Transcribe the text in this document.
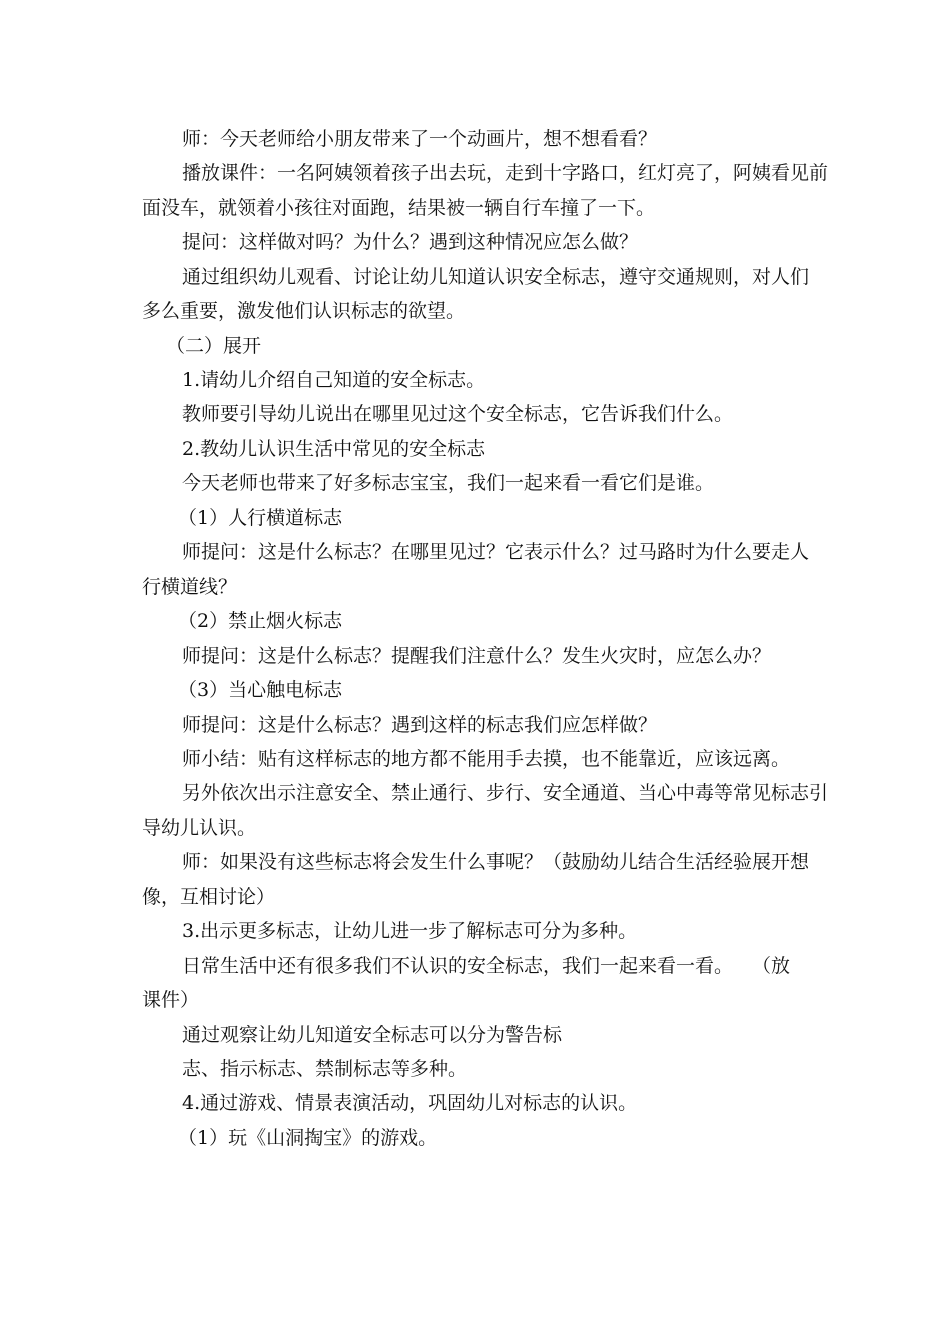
师：今天老师给小朋友带来了一个动画片，想不想看看？
播放课件：一名阿姨领着孩子出去玩，走到十字路口，红灯亮了，阿姨看见前
面没车，就领着小孩往对面跑，结果被一辆自行车撞了一下。
提问：这样做对吗？为什么？遇到这种情况应怎么做？
通过组织幼儿观看、讨论让幼儿知道认识安全标志，遵守交通规则，对人们
多么重要，激发他们认识标志的欲望。
（二）展开
1.请幼儿介绍自己知道的安全标志。
教师要引导幼儿说出在哪里见过这个安全标志，它告诉我们什么。
2.教幼儿认识生活中常见的安全标志
今天老师也带来了好多标志宝宝，我们一起来看一看它们是谁。
（1）人行横道标志
师提问：这是什么标志？在哪里见过？它表示什么？过马路时为什么要走人
行横道线？
（2）禁止烟火标志
师提问：这是什么标志？提醒我们注意什么？发生火灾时，应怎么办？
（3）当心触电标志
师提问：这是什么标志？遇到这样的标志我们应怎样做？
师小结：贴有这样标志的地方都不能用手去摸，也不能靠近，应该远离。
另外依次出示注意安全、禁止通行、步行、安全通道、当心中毒等常见标志引
导幼儿认识。
师：如果没有这些标志将会发生什么事呢？（鼓励幼儿结合生活经验展开想
像，互相讨论）
3.出示更多标志，让幼儿进一步了解标志可分为多种。
日常生活中还有很多我们不认识的安全标志，我们一起来看一看。　　（放
课件）
通过观察让幼儿知道安全标志可以分为警告标
志、指示标志、禁制标志等多种。
4.通过游戏、情景表演活动，巩固幼儿对标志的认识。
（1）玩《山洞掏宝》的游戏。
